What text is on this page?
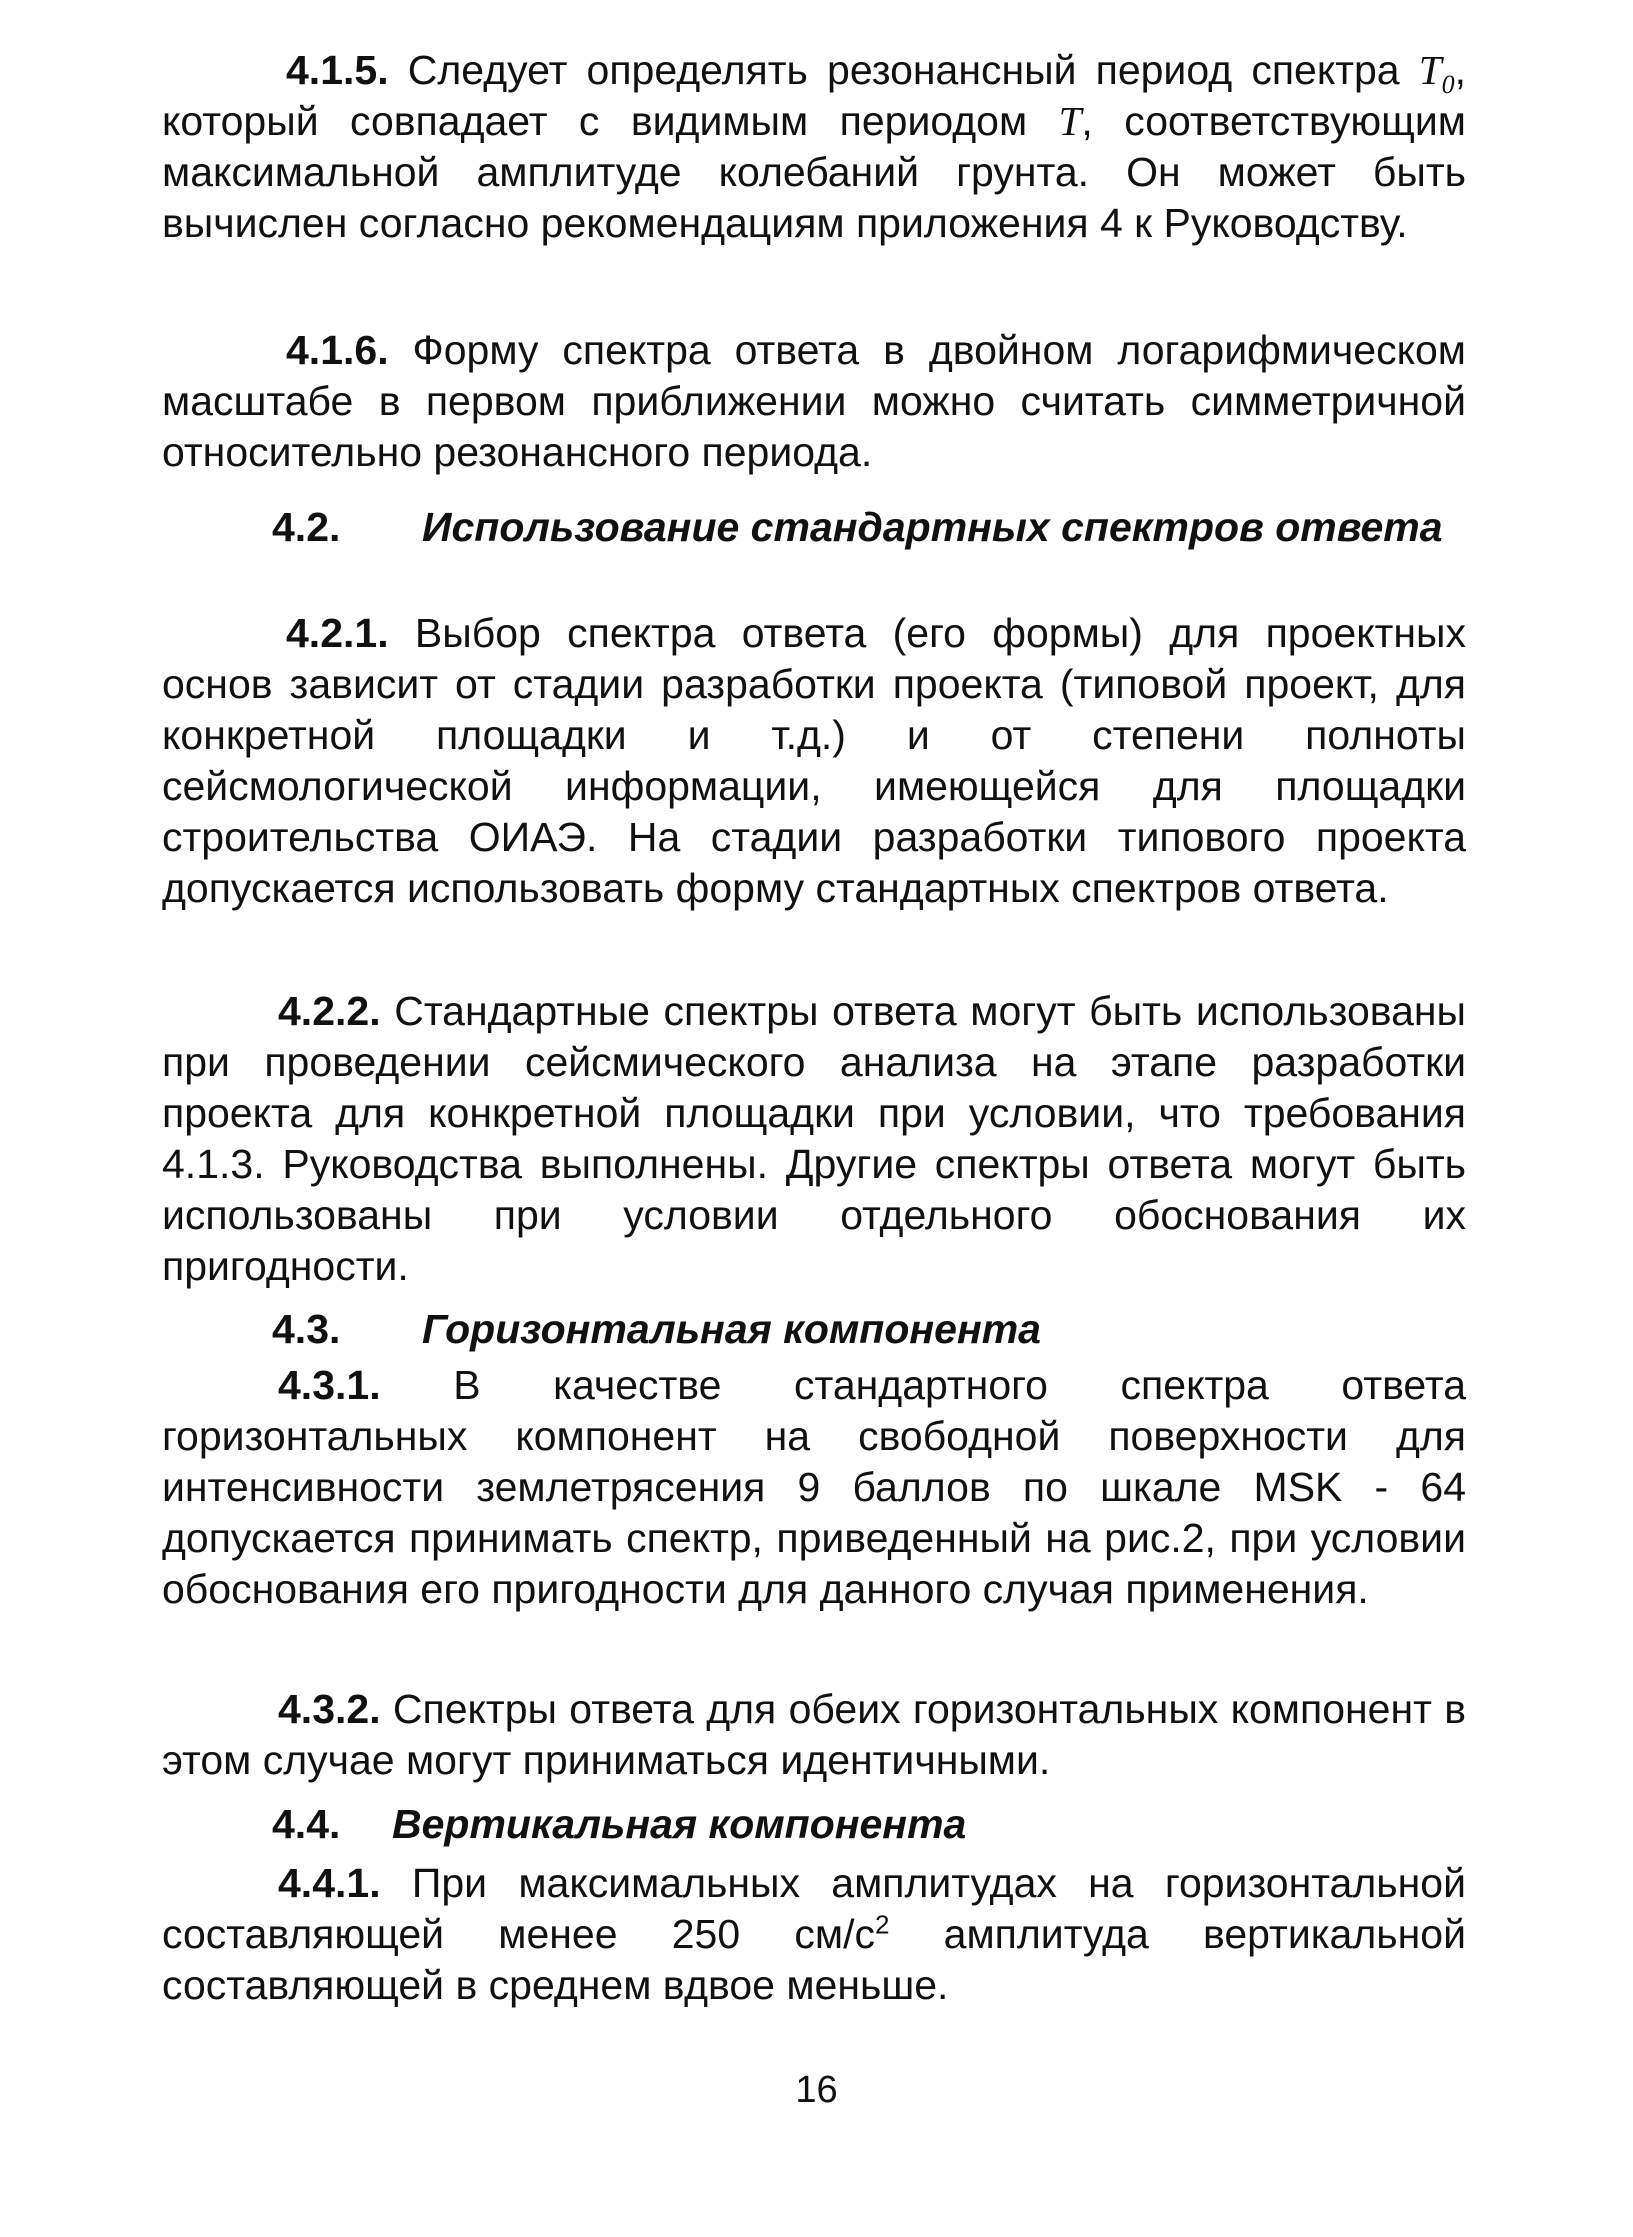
4.1.5. Следует определять резонансный период спектра $T_0$, который совпадает с видимым периодом T, соответствующим максимальной амплитуде колебаний грунта. Он может быть вычислен согласно рекомендациям приложения 4 к Руководству.

4.1.6. Форму спектра ответа в двойном логарифмическом масштабе в первом приближении можно считать симметричной относительно резонансного периода.

4.2. Использование стандартных спектров ответа

4.2.1. Выбор спектра ответа (его формы) для проектных основ зависит от стадии разработки проекта (типовой проект, для конкретной площадки и т.д.) и от степени полноты сейсмологической информации, имеющейся для площадки строительства ОИАЭ. На стадии разработки типового проекта допускается использовать форму стандартных спектров ответа.

4.2.2. Стандартные спектры ответа могут быть использованы при проведении сейсмического анализа на этапе разработки проекта для конкретной площадки при условии, что требования 4.1.3. Руководства выполнены. Другие спектры ответа могут быть использованы при условии отдельного обоснования их пригодности.

4.3. Горизонтальная компонента

4.3.1. В качестве стандартного спектра ответа горизонтальных компонент на свободной поверхности для интенсивности землетрясения 9 баллов по шкале MSK - 64 допускается принимать спектр, приведенный на рис.2, при условии обоснования его пригодности для данного случая применения.

4.3.2. Спектры ответа для обеих горизонтальных компонент в этом случае могут приниматься идентичными.

4.4. Вертикальная компонента

4.4.1. При максимальных амплитудах на горизонтальной составляющей менее 250 $см/с^2$ амплитуда вертикальной составляющей в среднем вдвое меньше.

16
